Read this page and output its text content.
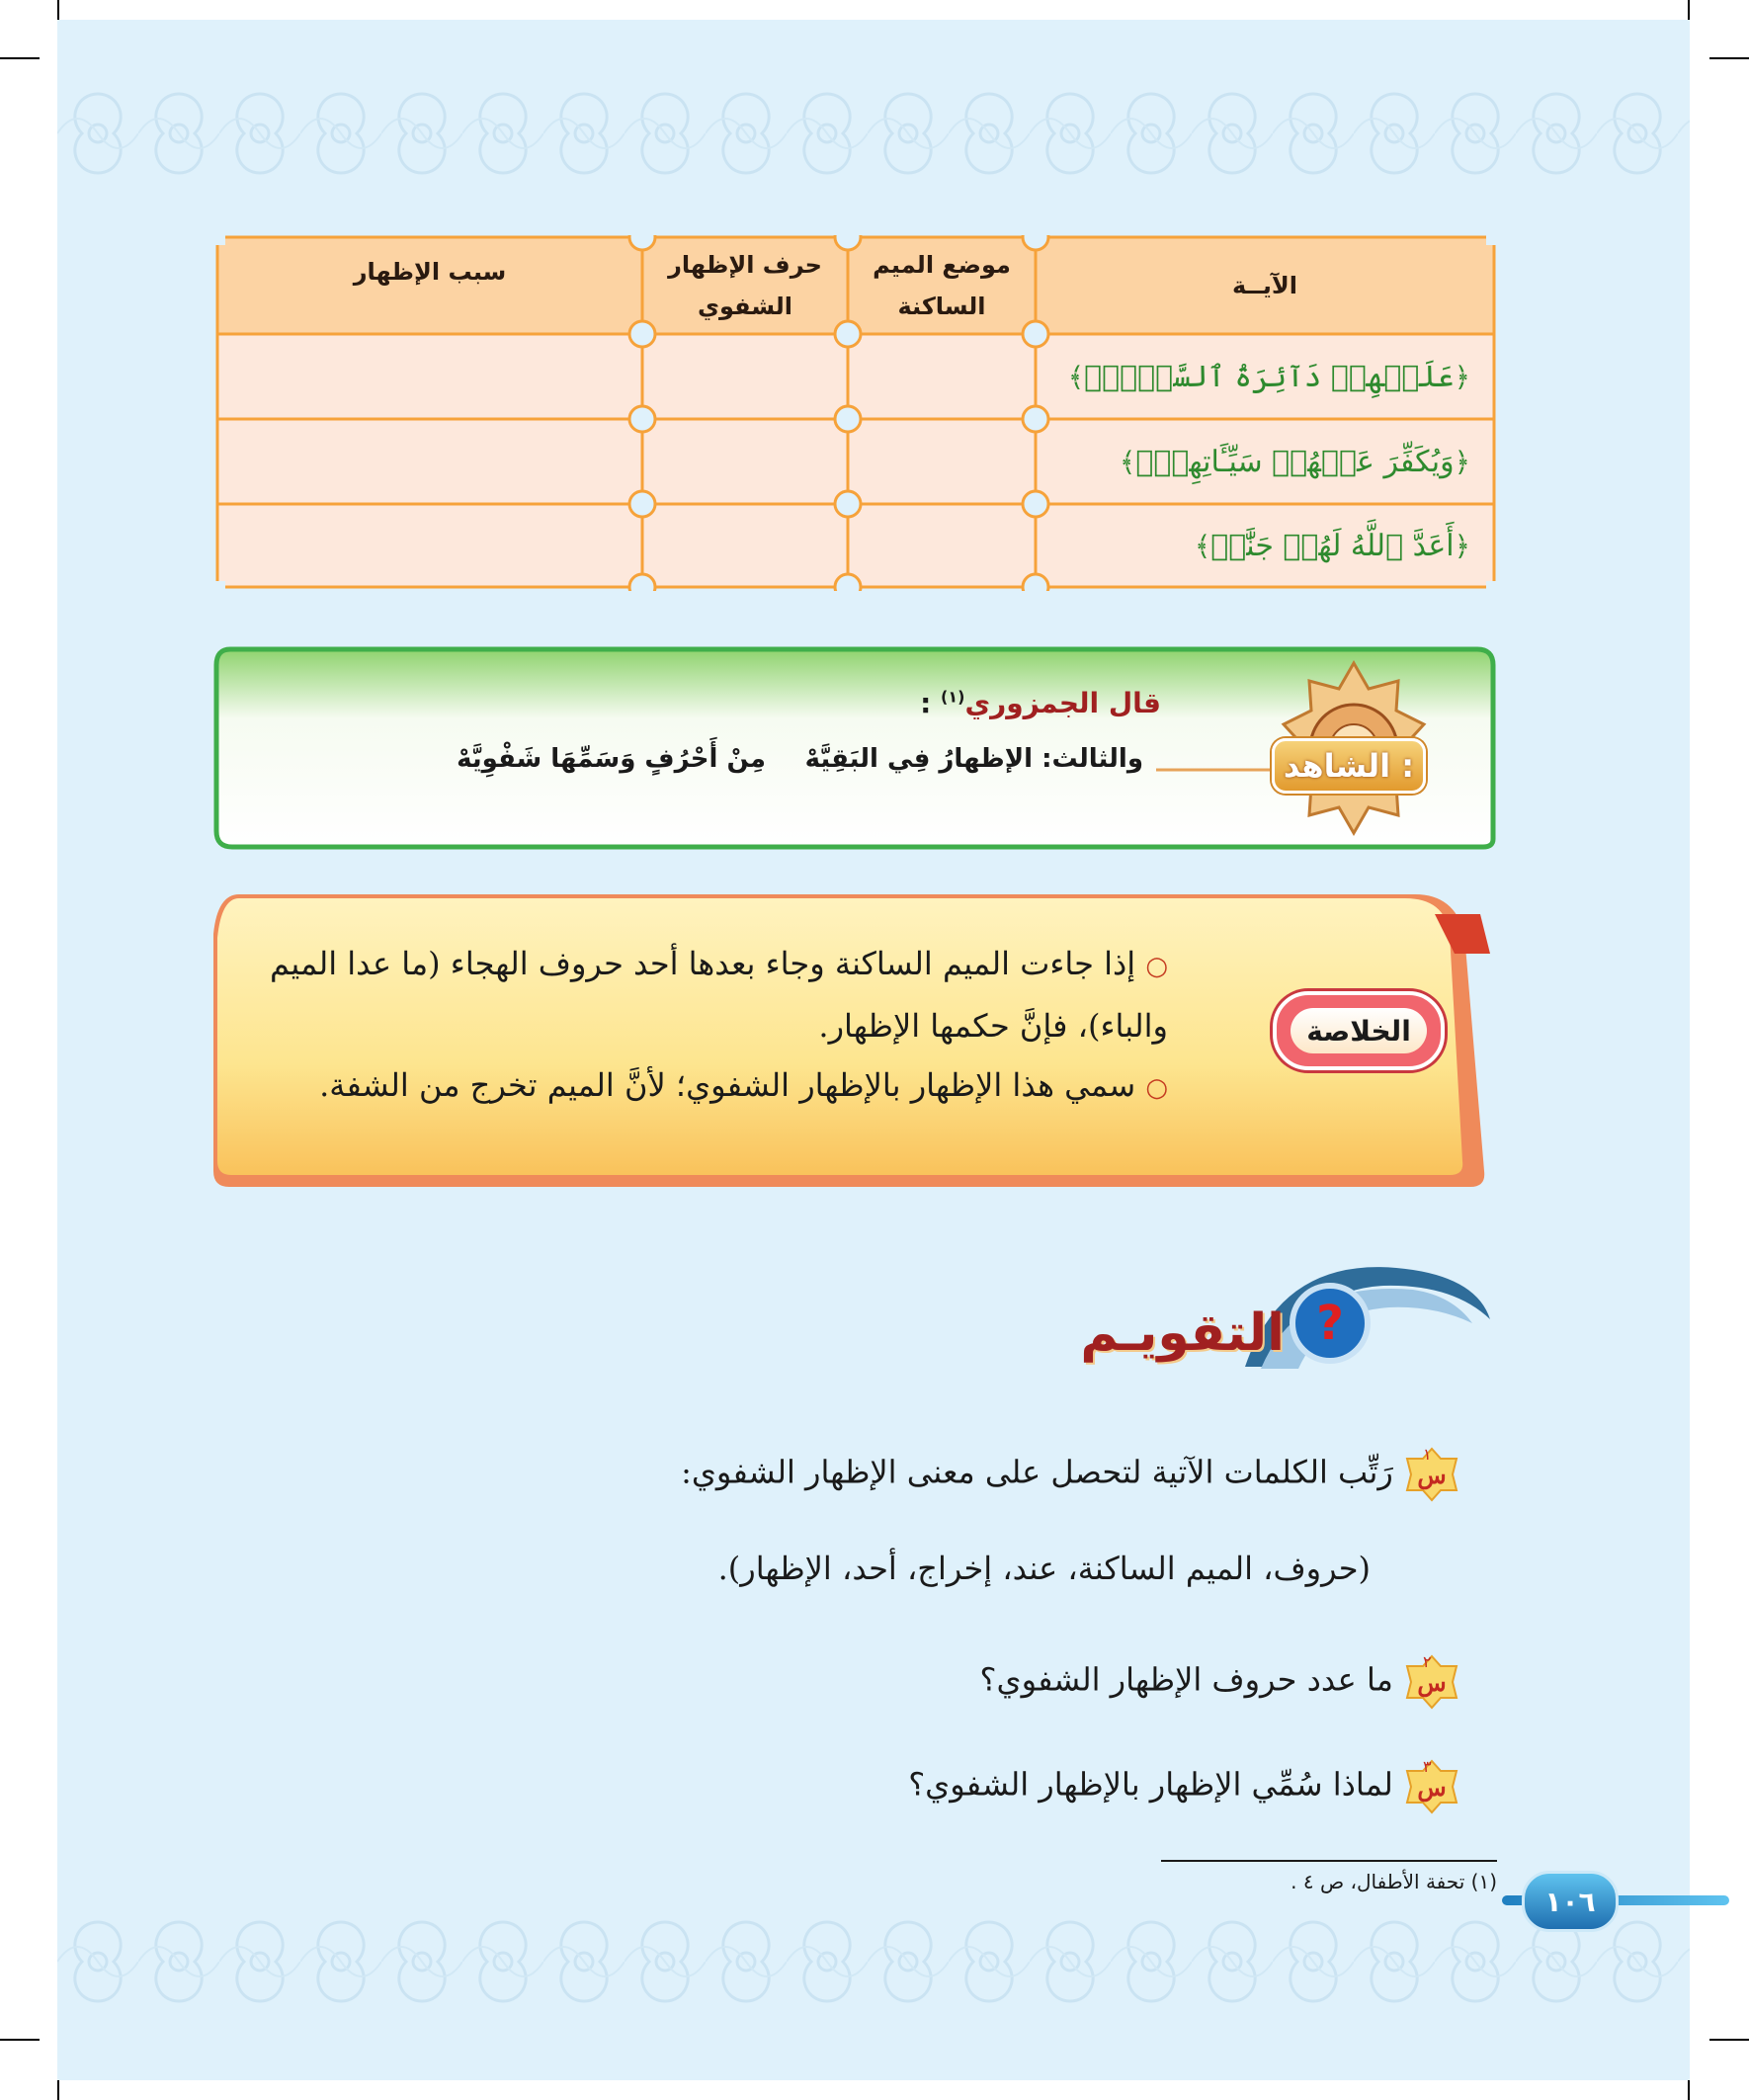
الآيــة
موضع الميم
الساكنة
حرف الإظهار
الشفوي
سبب الإظهار
﴿
عَلَيۡهِمۡ دَآئِرَةُ ٱلسَّوۡءِۗ
﴾
﴿
وَيُكَفِّرَ عَنۡهُمۡ سَيِّـَٔاتِهِمۡۚ
﴾
﴿
أَعَدَّ ٱللَّهُ لَهُمۡ جَنَّٰتٖ
﴾
الشاهد :
قال الجمزوري$^{(١)}$ :
والثالث: الإظهارُ فِي البَقِيَّهْ
مِنْ أَحْرُفٍ وَسَمِّهَا شَفْوِيَّهْ
الخلاصة
○ إذا جاءت الميم الساكنة وجاء بعدها أحد حروف الهجاء (ما عدا الميم والباء)، فإنَّ حكمها الإظهار.
○ سمي هذا الإظهار بالإظهار الشفوي؛ لأنَّ الميم تخرج من الشفة.
?
التقويـم
س
١
رَتِّب الكلمات الآتية لتحصل على معنى الإظهار الشفوي:
(حروف، الميم الساكنة، عند، إخراج، أحد، الإظهار).
س
٢
ما عدد حروف الإظهار الشفوي؟
س
٣
لماذا سُمِّي الإظهار بالإظهار الشفوي؟
(١) تحفة الأطفال، ص ٤ .
١٠٦
